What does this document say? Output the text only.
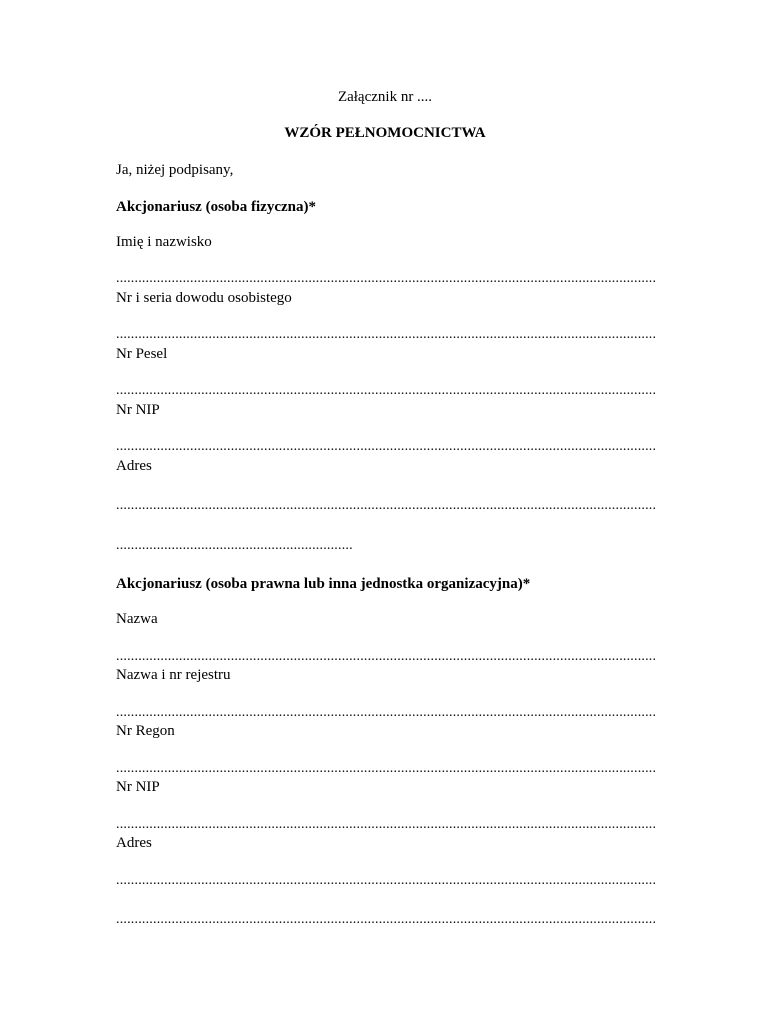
Załącznik nr ....
WZÓR PEŁNOMOCNICTWA
Ja, niżej podpisany,
Akcjonariusz (osoba fizyczna)*
Imię i nazwisko
..................................................................................................................................................
Nr i seria dowodu osobistego
..................................................................................................................................................
Nr Pesel
..................................................................................................................................................
Nr NIP
..................................................................................................................................................
Adres
..................................................................................................................................................
................................................................
Akcjonariusz (osoba prawna lub inna jednostka organizacyjna)*
Nazwa
..................................................................................................................................................
Nazwa i nr rejestru
..................................................................................................................................................
Nr Regon
..................................................................................................................................................
Nr NIP
..................................................................................................................................................
Adres
..................................................................................................................................................
..................................................................................................................................................
